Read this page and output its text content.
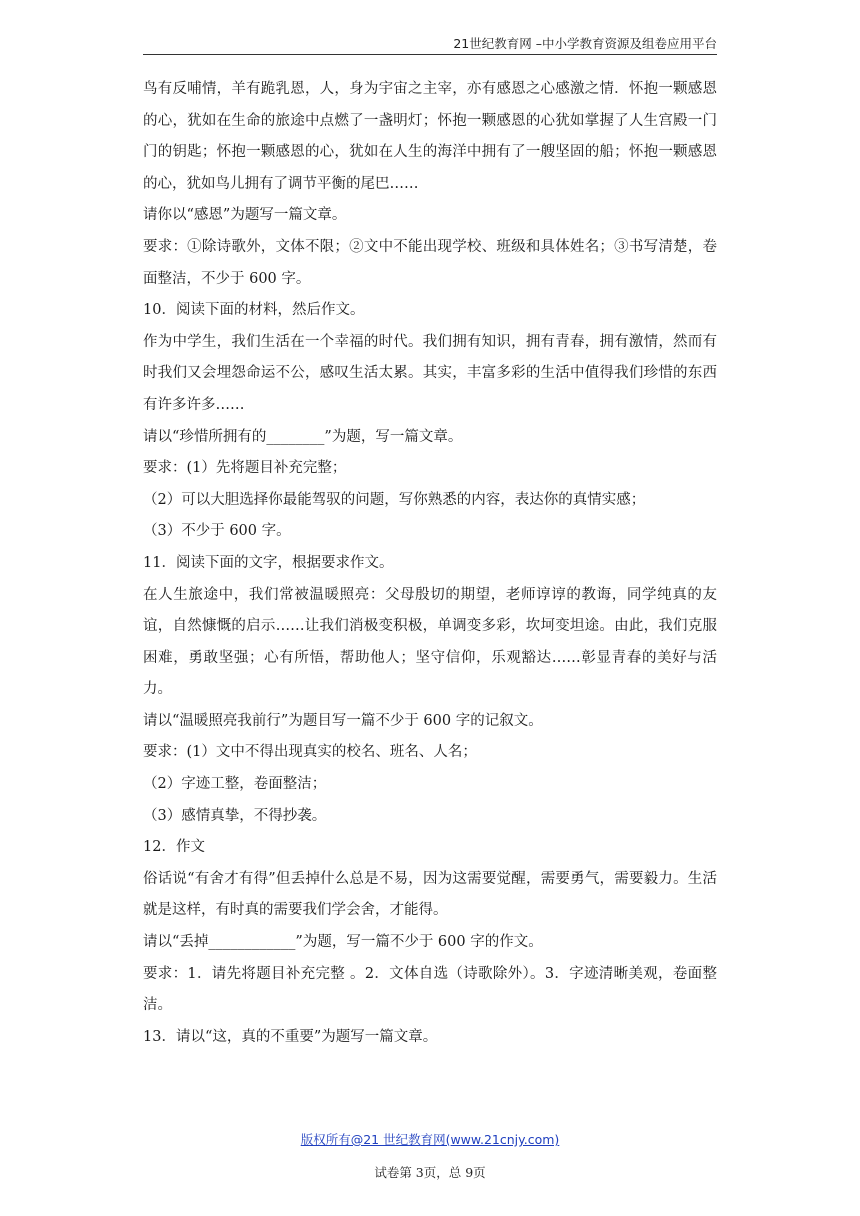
21世纪教育网 –中小学教育资源及组卷应用平台

鸟有反哺情，羊有跪乳恩，人，身为宇宙之主宰，亦有感恩之心感激之情．怀抱一颗感恩的心，犹如在生命的旅途中点燃了一盏明灯；怀抱一颗感恩的心犹如掌握了人生宫殿一门门的钥匙；怀抱一颗感恩的心，犹如在人生的海洋中拥有了一艘坚固的船；怀抱一颗感恩的心，犹如鸟儿拥有了调节平衡的尾巴……

请你以“感恩”为题写一篇文章。

要求：①除诗歌外，文体不限；②文中不能出现学校、班级和具体姓名；③书写清楚，卷面整洁，不少于 600 字。

10．阅读下面的材料，然后作文。

作为中学生，我们生活在一个幸福的时代。我们拥有知识，拥有青春，拥有激情，然而有时我们又会埋怨命运不公，感叹生活太累。其实，丰富多彩的生活中值得我们珍惜的东西有许多许多……

请以“珍惜所拥有的________”为题，写一篇文章。

要求：(1）先将题目补充完整；

（2）可以大胆选择你最能驾驭的问题，写你熟悉的内容，表达你的真情实感；

（3）不少于 600 字。

11．阅读下面的文字，根据要求作文。

在人生旅途中，我们常被温暖照亮：父母殷切的期望，老师谆谆的教诲，同学纯真的友谊，自然慷慨的启示……让我们消极变积极，单调变多彩，坎坷变坦途。由此，我们克服困难，勇敢坚强；心有所悟，帮助他人；坚守信仰，乐观豁达……彰显青春的美好与活力。

请以“温暖照亮我前行”为题目写一篇不少于 600 字的记叙文。

要求：(1）文中不得出现真实的校名、班名、人名；

（2）字迹工整，卷面整洁；

（3）感情真挚，不得抄袭。

12．作文

俗话说“有舍才有得”但丢掉什么总是不易，因为这需要觉醒，需要勇气，需要毅力。生活就是这样，有时真的需要我们学会舍，才能得。

请以“丢掉____________”为题，写一篇不少于 600 字的作文。

要求：1．请先将题目补充完整 。2．文体自选（诗歌除外）。3．字迹清晰美观，卷面整洁。

13．请以“这，真的不重要”为题写一篇文章。

版权所有@21 世纪教育网(www.21cnjy.com)
试卷第 3页，总 9页
